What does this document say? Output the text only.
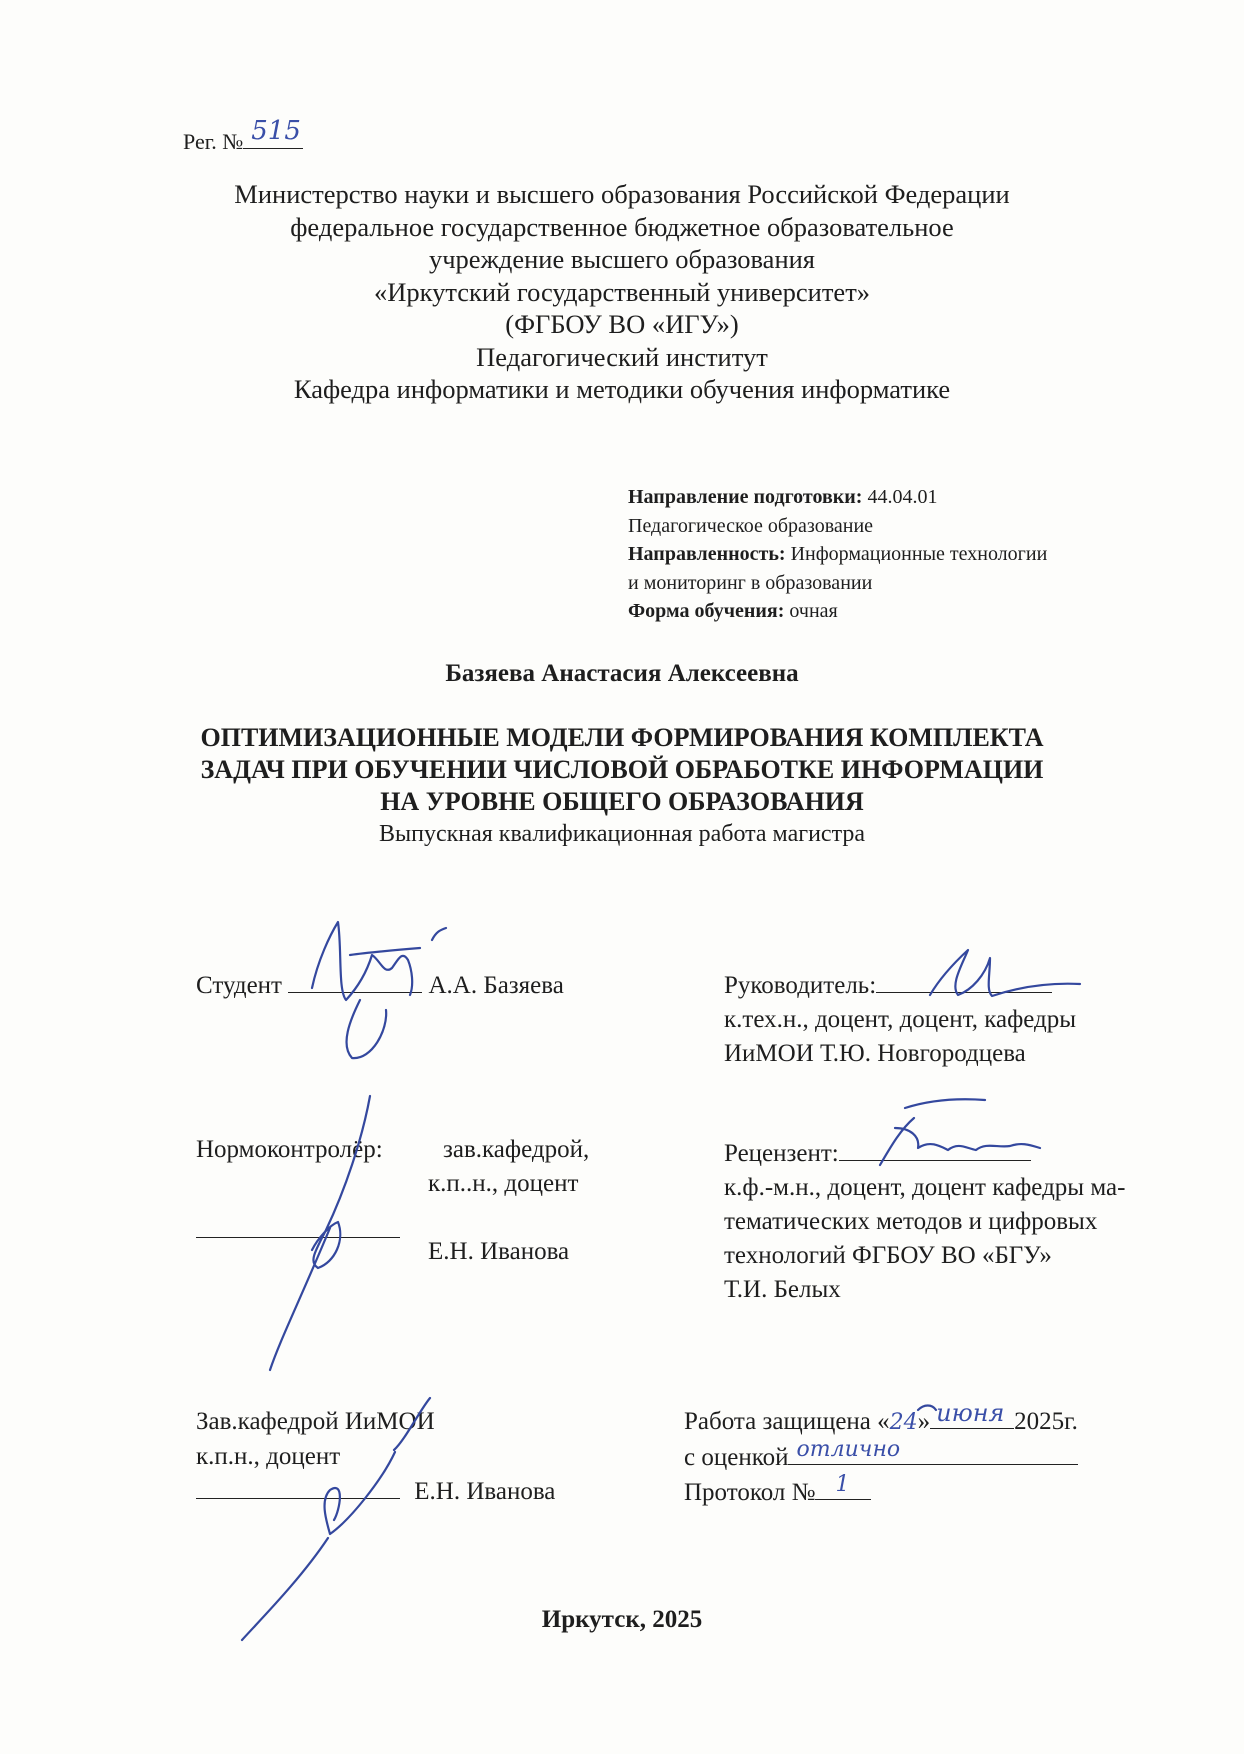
Рег. № 515
Министерство науки и высшего образования Российской Федерации
федеральное государственное бюджетное образовательное
учреждение высшего образования
«Иркутский государственный университет»
(ФГБОУ ВО «ИГУ»)
Педагогический институт
Кафедра информатики и методики обучения информатике
Направление подготовки: 44.04.01
Педагогическое образование
Направленность: Информационные технологии
и мониторинг в образовании
Форма обучения: очная
Базяева Анастасия Алексеевна
ОПТИМИЗАЦИОННЫЕ МОДЕЛИ ФОРМИРОВАНИЯ КОМПЛЕКТА
ЗАДАЧ ПРИ ОБУЧЕНИИ ЧИСЛОВОЙ ОБРАБОТКЕ ИНФОРМАЦИИ
НА УРОВНЕ ОБЩЕГО ОБРАЗОВАНИЯ
Выпускная квалификационная работа магистра
Студент	А.А. Базяева	Руководитель:
к.тех.н., доцент, доцент, кафедры
ИиМОИ Т.Ю. Новгородцева
Нормоконтролёр: зав.кафедрой,
к.п..н., доцент
Е.Н. Иванова
Рецензент:
к.ф.-м.н., доцент, доцент кафедры ма-
тематических методов и цифровых
технологий ФГБОУ ВО «БГУ»
Т.И. Белых
Зав.кафедрой ИиМОИ
к.п.н., доцент
Е.Н. Иванова
Работа защищена «24» июня 2025г.
с оценкой отлично
Протокол № 1
Иркутск, 2025
